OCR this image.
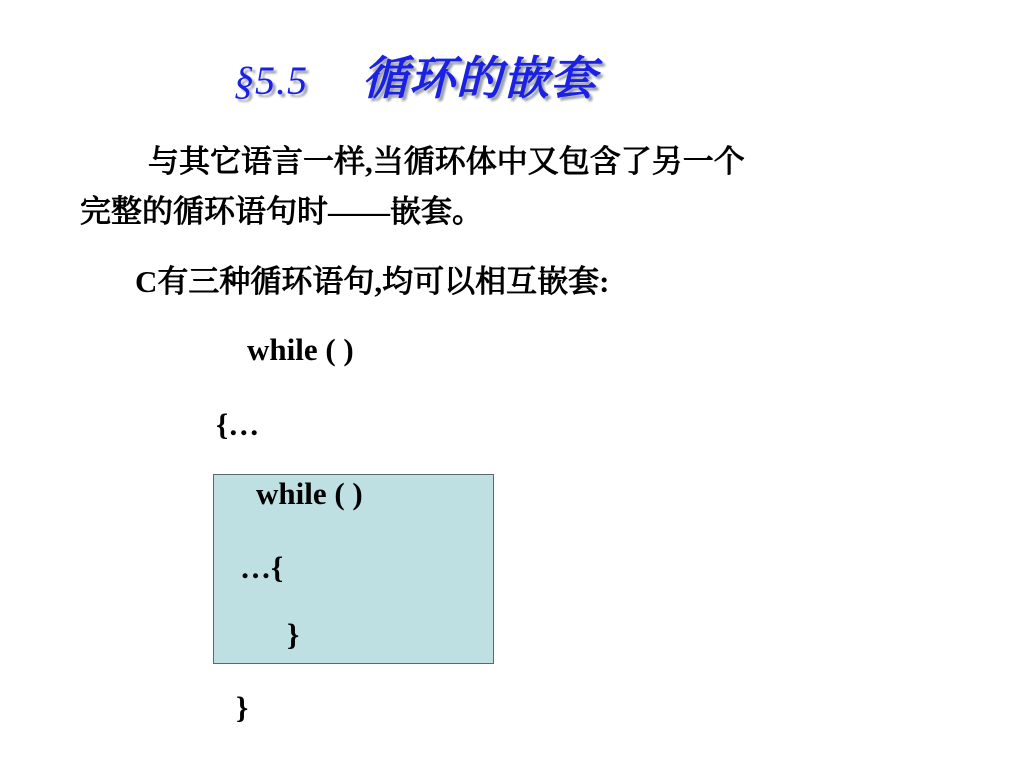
§5.5 循环的嵌套

与其它语言一样,当循环体中又包含了另一个

完整的循环语句时——嵌套。

C有三种循环语句,均可以相互嵌套:

while ( )
{…
while ( )
…{
}
}
